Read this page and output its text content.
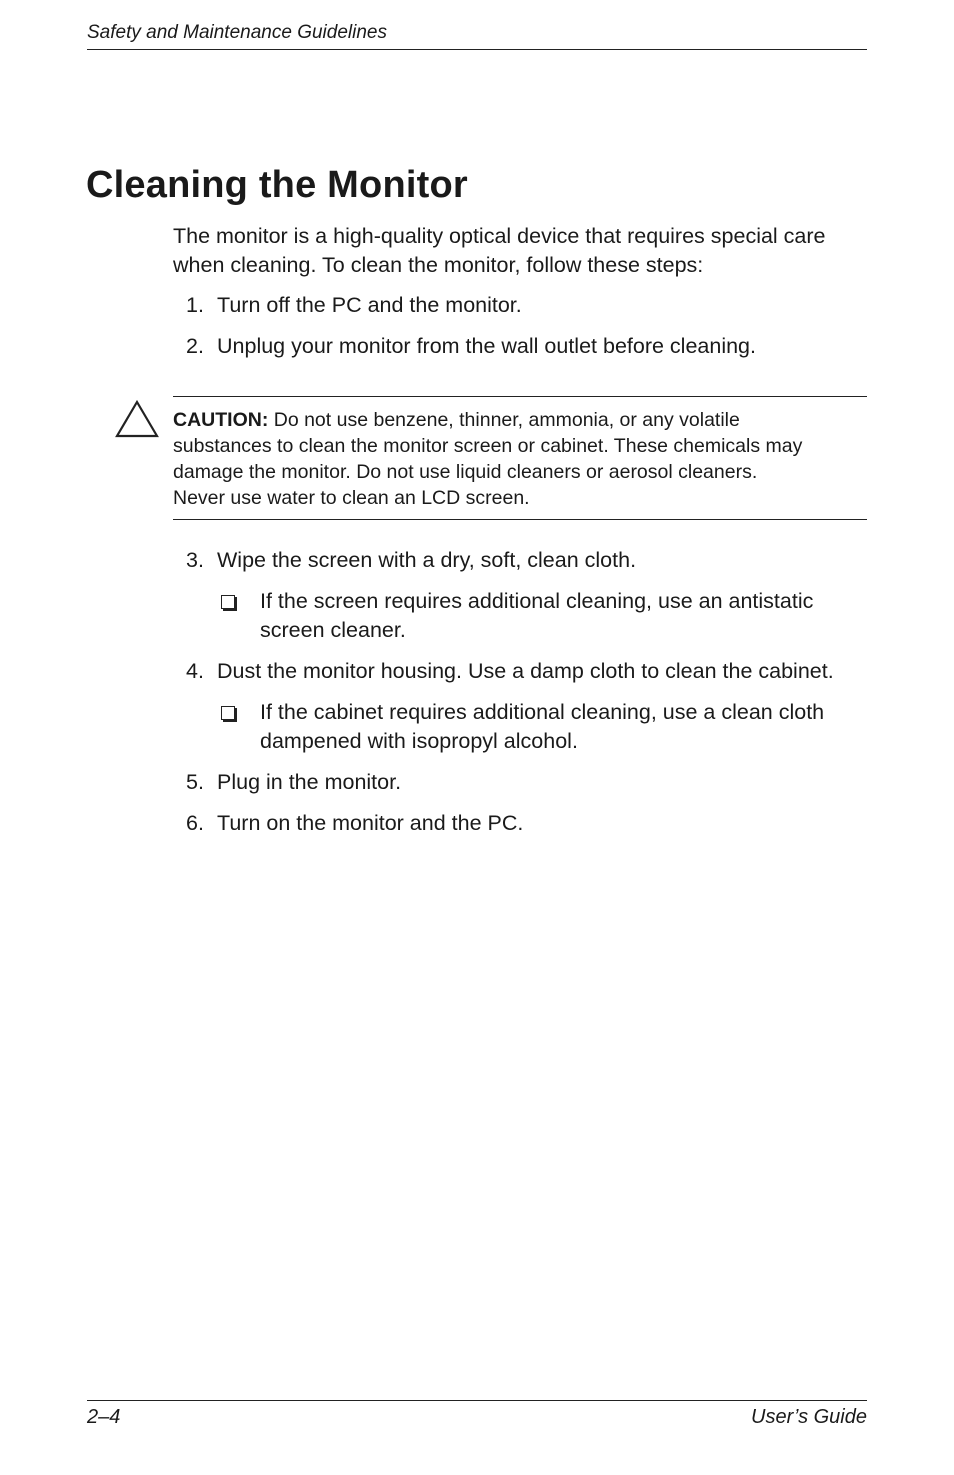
Safety and Maintenance Guidelines
Cleaning the Monitor
The monitor is a high-quality optical device that requires special care when cleaning. To clean the monitor, follow these steps:
1. Turn off the PC and the monitor.
2. Unplug your monitor from the wall outlet before cleaning.
CAUTION: Do not use benzene, thinner, ammonia, or any volatile substances to clean the monitor screen or cabinet. These chemicals may damage the monitor. Do not use liquid cleaners or aerosol cleaners. Never use water to clean an LCD screen.
3. Wipe the screen with a dry, soft, clean cloth.
If the screen requires additional cleaning, use an antistatic screen cleaner.
4. Dust the monitor housing. Use a damp cloth to clean the cabinet.
If the cabinet requires additional cleaning, use a clean cloth dampened with isopropyl alcohol.
5. Plug in the monitor.
6. Turn on the monitor and the PC.
2–4	User’s Guide
